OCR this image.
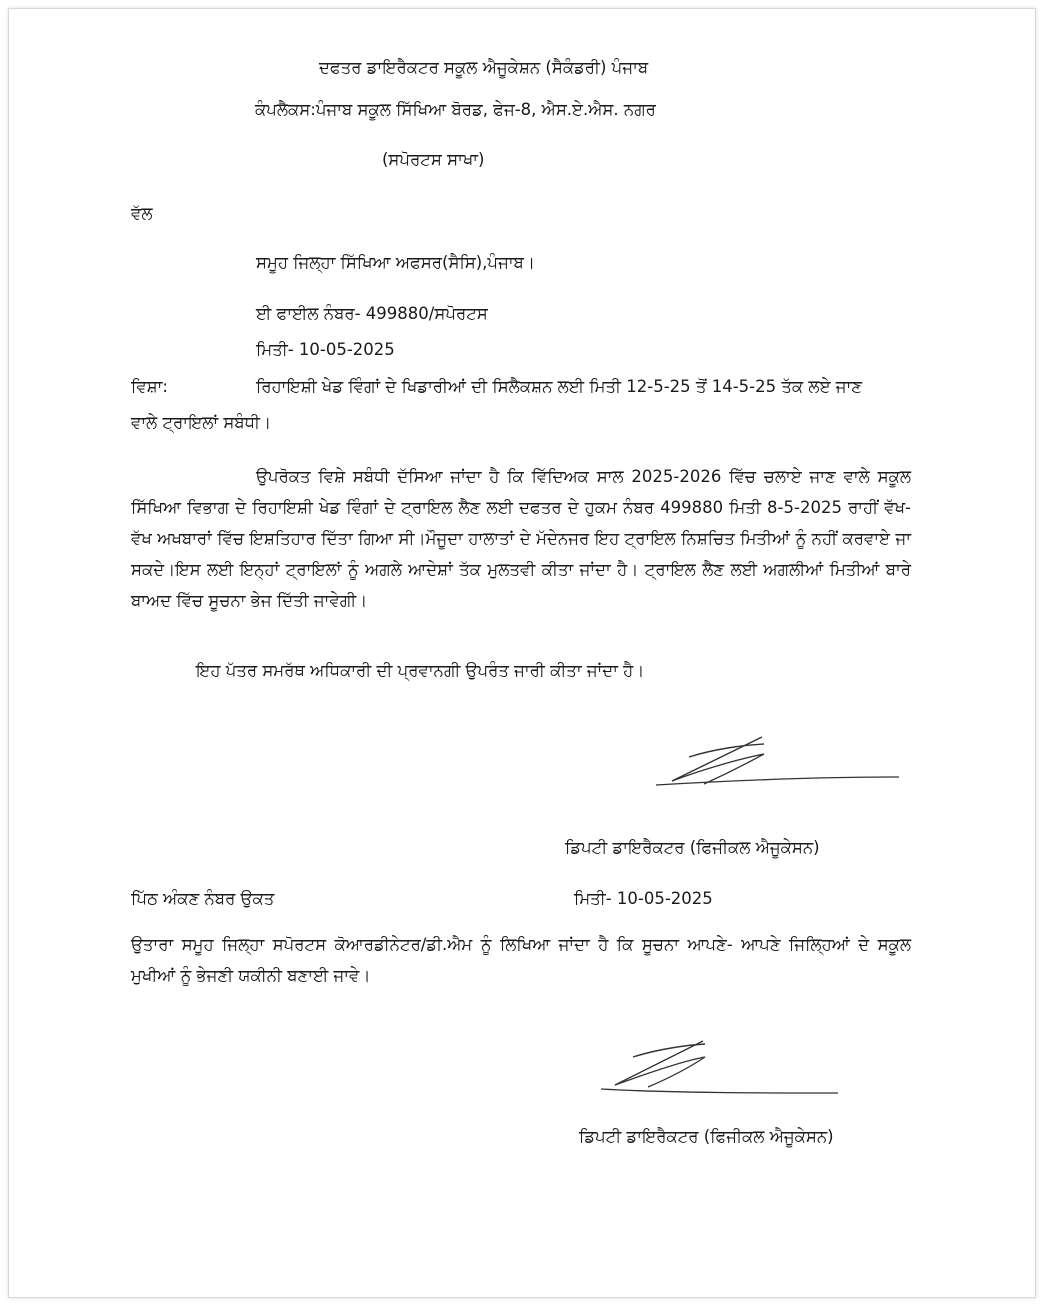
ਦਫਤਰ ਡਾਇਰੈਕਟਰ ਸਕੂਲ ਐਜੂਕੇਸ਼ਨ (ਸੈਕੰਡਰੀ) ਪੰਜਾਬ
ਕੰਪਲੈਕਸ:ਪੰਜਾਬ ਸਕੂਲ ਸਿੱਖਿਆ ਬੋਰਡ, ਫੇਜ-8, ਐਸ.ਏ.ਐਸ. ਨਗਰ
(ਸਪੋਰਟਸ ਸਾਖਾ)
ਵੱਲ
ਸਮੂਹ ਜਿਲ੍ਹਾ ਸਿੱਖਿਆ ਅਫਸਰ(ਸੈਸਿ),ਪੰਜਾਬ।
ਈ ਫਾਈਲ ਨੰਬਰ- 499880/ਸਪੋਰਟਸ
ਮਿਤੀ- 10-05-2025
ਵਿਸ਼ਾ:	ਰਿਹਾਇਸ਼ੀ ਖੇਡ ਵਿੰਗਾਂ ਦੇ ਖਿਡਾਰੀਆਂ ਦੀ ਸਿਲੈਕਸ਼ਨ ਲਈ ਮਿਤੀ 12-5-25 ਤੋਂ 14-5-25 ਤੱਕ ਲਏ ਜਾਣ
ਵਾਲੇ ਟ੍ਰਾਇਲਾਂ ਸਬੰਧੀ।
ਉਪਰੋਕਤ ਵਿਸ਼ੇ ਸਬੰਧੀ ਦੱਸਿਆ ਜਾਂਦਾ ਹੈ ਕਿ ਵਿੱਦਿਅਕ ਸਾਲ 2025-2026 ਵਿੱਚ ਚਲਾਏ ਜਾਣ ਵਾਲੇ ਸਕੂਲ ਸਿੱਖਿਆ ਵਿਭਾਗ ਦੇ ਰਿਹਾਇਸ਼ੀ ਖੇਡ ਵਿੰਗਾਂ ਦੇ ਟ੍ਰਾਇਲ ਲੈਣ ਲਈ ਦਫਤਰ ਦੇ ਹੁਕਮ ਨੰਬਰ 499880 ਮਿਤੀ 8-5-2025 ਰਾਹੀਂ ਵੱਖ-ਵੱਖ ਅਖਬਾਰਾਂ ਵਿੱਚ ਇਸ਼ਤਿਹਾਰ ਦਿੱਤਾ ਗਿਆ ਸੀ।ਮੌਜੂਦਾ ਹਾਲਾਤਾਂ ਦੇ ਮੱਦੇਨਜਰ ਇਹ ਟ੍ਰਾਇਲ ਨਿਸ਼ਚਿਤ ਮਿਤੀਆਂ ਨੂੰ ਨਹੀਂ ਕਰਵਾਏ ਜਾ ਸਕਦੇ।ਇਸ ਲਈ ਇਨ੍ਹਾਂ ਟ੍ਰਾਇਲਾਂ ਨੂੰ ਅਗਲੇ ਆਦੇਸ਼ਾਂ ਤੱਕ ਮੁਲਤਵੀ ਕੀਤਾ ਜਾਂਦਾ ਹੈ। ਟ੍ਰਾਇਲ ਲੈਣ ਲਈ ਅਗਲੀਆਂ ਮਿਤੀਆਂ ਬਾਰੇ ਬਾਅਦ ਵਿੱਚ ਸੂਚਨਾ ਭੇਜ ਦਿੱਤੀ ਜਾਵੇਗੀ।
ਇਹ ਪੱਤਰ ਸਮਰੱਥ ਅਧਿਕਾਰੀ ਦੀ ਪ੍ਰਵਾਨਗੀ ਉਪਰੰਤ ਜਾਰੀ ਕੀਤਾ ਜਾਂਦਾ ਹੈ।
ਡਿਪਟੀ ਡਾਇਰੈਕਟਰ (ਫਿਜੀਕਲ ਐਜੂਕੇਸਨ)
ਪਿੱਠ ਅੰਕਣ ਨੰਬਰ ਉਕਤ	ਮਿਤੀ- 10-05-2025
ਉਤਾਰਾ ਸਮੂਹ ਜਿਲ੍ਹਾ ਸਪੋਰਟਸ ਕੋਆਰਡੀਨੇਟਰ/ਡੀ.ਐਮ ਨੂੰ ਲਿਖਿਆ ਜਾਂਦਾ ਹੈ ਕਿ ਸੂਚਨਾ ਆਪਣੇ- ਆਪਣੇ ਜਿਲ੍ਹਿਆਂ ਦੇ ਸਕੂਲ ਮੁਖੀਆਂ ਨੂੰ ਭੇਜਣੀ ਯਕੀਨੀ ਬਣਾਈ ਜਾਵੇ।
ਡਿਪਟੀ ਡਾਇਰੈਕਟਰ (ਫਿਜੀਕਲ ਐਜੂਕੇਸਨ)
